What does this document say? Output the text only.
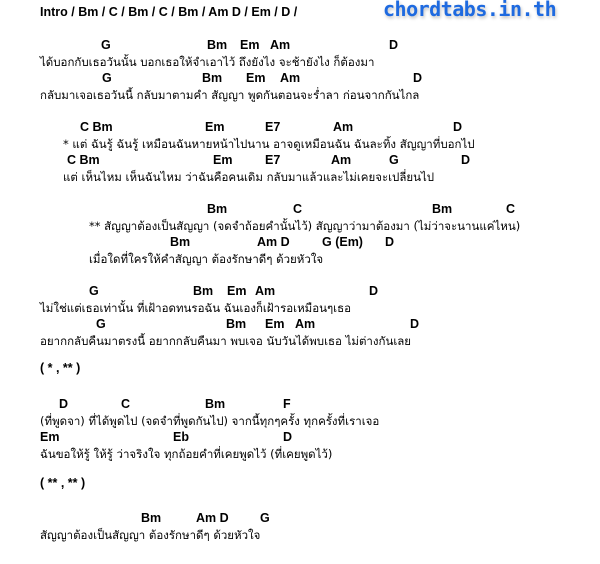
Intro / Bm / C / Bm / C / Bm / Am D / Em / D /	chordtabs.in.th
( * , ** )
( ** , ** )
G	Bm Em Am	D
ได้บอกกับเธอวันนั้น บอกเธอให้จำเอาไว้ ถึงยังไง จะช้ายังไง ก็ต้องมา
G	Bm Em Am	D
กลับมาเจอเธอวันนี้ กลับมาตามคำ สัญญา พูดกันตอนจะร่ำลา ก่อนจากกันไกล
C Bm	Em	E7	Am	D
* แต่ ฉันรู้ ฉันรู้ เหมือนฉันหายหน้าไปนาน อาจดูเหมือนฉัน ฉันละทิ้ง สัญญาที่บอกไป
C Bm	Em	E7	Am	G	D
แต่ เห็นไหม เห็นฉันไหม ว่าฉันคือคนเดิม กลับมาแล้วและไม่เคยจะเปลี่ยนไป
Bm	C	Bm	C
** สัญญาต้องเป็นสัญญา (จดจำถ้อยคำนั้นไว้) สัญญาว่ามาต้องมา (ไม่ว่าจะนานแค่ไหน)
Bm	Am D	G (Em) D
เมื่อใดที่ใครให้คำสัญญา ต้องรักษาดีๆ ด้วยหัวใจ
G	Bm Em Am	D
ไม่ใช่แต่เธอเท่านั้น ที่เฝ้าอดทนรอฉัน ฉันเองก็เฝ้ารอเหมือนๆเธอ
G	Bm Em Am	D
อยากกลับคืนมาตรงนี้ อยากกลับคืนมา พบเจอ นับวันได้พบเธอ ไม่ต่างกันเลย
D	C	Bm	F
(ที่พูดจา) ที่ได้พูดไป (จดจำที่พูดกันไป) จากนี้ทุกๆครั้ง ทุกครั้งที่เราเจอ
Em	Eb	D
ฉันขอให้รู้ ให้รู้ ว่าจริงใจ ทุกถ้อยคำที่เคยพูดไว้ (ที่เคยพูดไว้)
Bm	Am D	G
สัญญาต้องเป็นสัญญา ต้องรักษาดีๆ ด้วยหัวใจ
